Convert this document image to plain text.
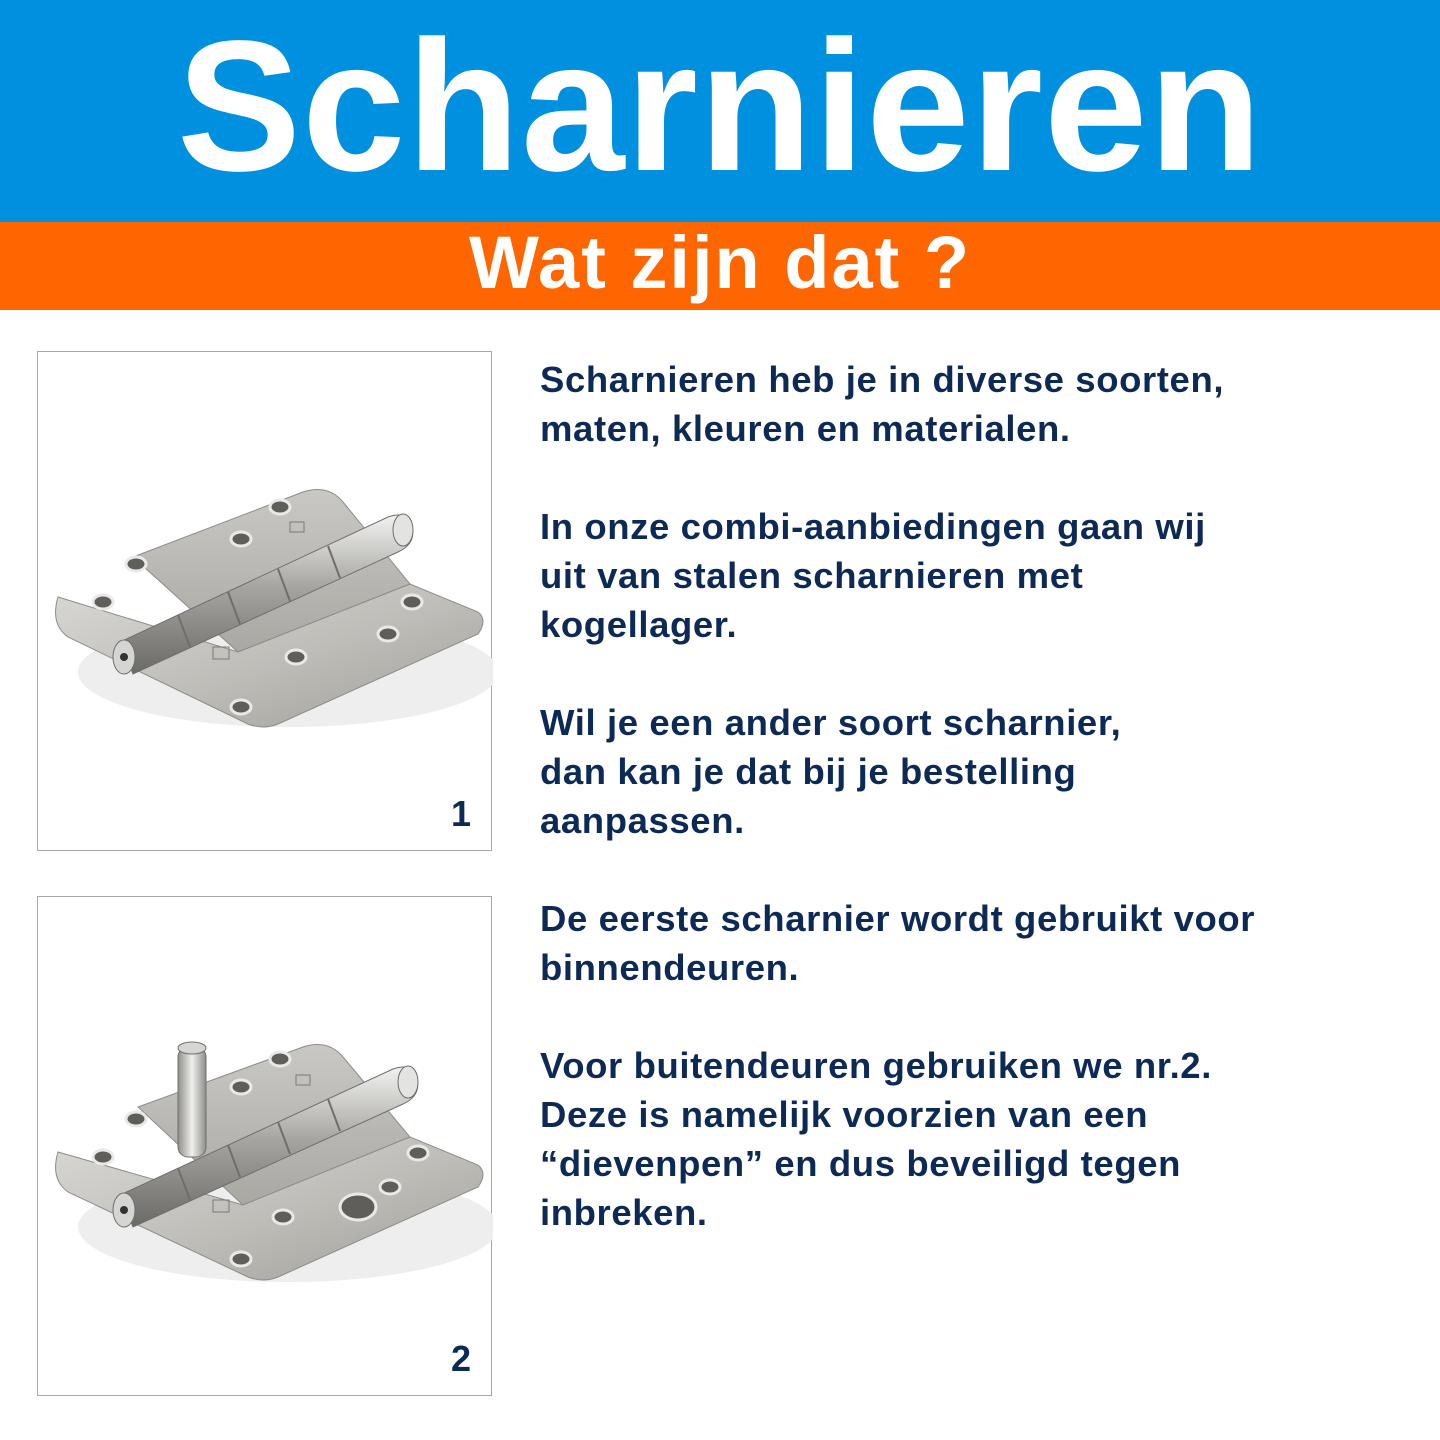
Scharnieren
Wat zijn dat ?
1
2

Scharnieren heb je in diverse soorten,
maten, kleuren en materialen.

In onze combi-aanbiedingen gaan wij
uit van stalen scharnieren met
kogellager.

Wil je een ander soort scharnier,
dan kan je dat bij je bestelling
aanpassen.

De eerste scharnier wordt gebruikt voor
binnendeuren.

Voor buitendeuren gebruiken we nr.2.
Deze is namelijk voorzien van een
“dievenpen” en dus beveiligd tegen
inbreken.
